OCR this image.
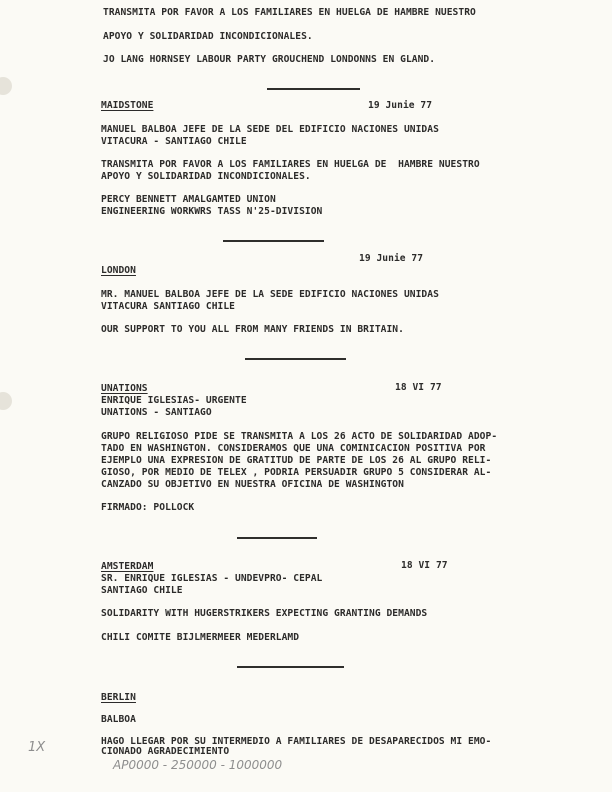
TRANSMITA POR FAVOR A LOS FAMILIARES EN HUELGA DE HAMBRE NUESTRO
APOYO Y SOLIDARIDAD INCONDICIONALES.
JO LANG HORNSEY LABOUR PARTY GROUCHEND LONDONNS EN GLAND.
MAIDSTONE	19 Junie 77
MANUEL BALBOA JEFE DE LA SEDE DEL EDIFICIO NACIONES UNIDAS
VITACURA - SANTIAGO CHILE
TRANSMITA POR FAVOR A LOS FAMILIARES EN HUELGA DE  HAMBRE NUESTRO
APOYO Y SOLIDARIDAD INCONDICIONALES.
PERCY BENNETT AMALGAMTED UNION
ENGINEERING WORKWRS TASS N'25-DIVISION
19 Junie 77
LONDON
MR. MANUEL BALBOA JEFE DE LA SEDE EDIFICIO NACIONES UNIDAS
VITACURA SANTIAGO CHILE
OUR SUPPORT TO YOU ALL FROM MANY FRIENDS IN BRITAIN.
UNATIONS	18 VI 77
ENRIQUE IGLESIAS- URGENTE
UNATIONS - SANTIAGO
GRUPO RELIGIOSO PIDE SE TRANSMITA A LOS 26 ACTO DE SOLIDARIDAD ADOP-
TADO EN WASHINGTON. CONSIDERAMOS QUE UNA COMINICACION POSITIVA POR
EJEMPLO UNA EXPRESION DE GRATITUD DE PARTE DE LOS 26 AL GRUPO RELI-
GIOSO, POR MEDIO DE TELEX , PODRIA PERSUADIR GRUPO 5 CONSIDERAR AL-
CANZADO SU OBJETIVO EN NUESTRA OFICINA DE WASHINGTON
FIRMADO: POLLOCK
AMSTERDAM	18 VI 77
SR. ENRIQUE IGLESIAS - UNDEVPRO- CEPAL
SANTIAGO CHILE
SOLIDARITY WITH HUGERSTRIKERS EXPECTING GRANTING DEMANDS
CHILI COMITE BIJLMERMEER MEDERLAMD
BERLIN
BALBOA
HAGO LLEGAR POR SU INTERMEDIO A FAMILIARES DE DESAPARECIDOS MI EMO-
CIONADO AGRADECIMIENTO
1X
AP0000 - 250000 - 1000000
